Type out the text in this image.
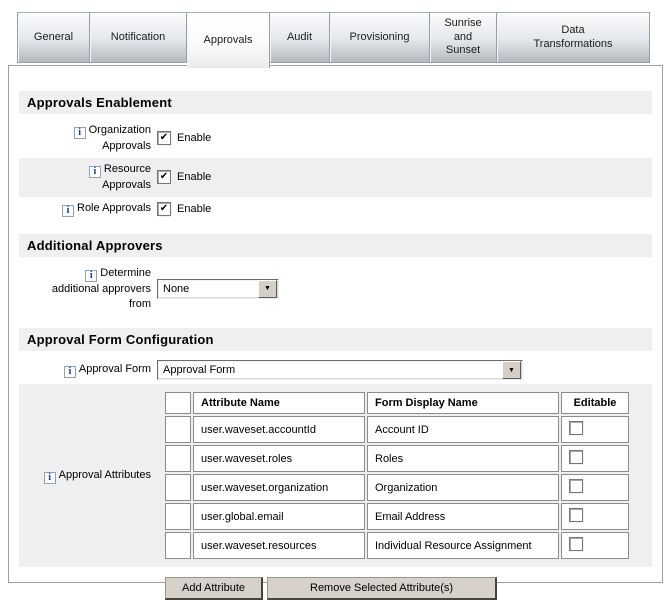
General	Notification	Approvals	Audit	Provisioning
Sunrise and Sunset
Data Transformations
Approvals Enablement
i Organization Approvals
✔ Enable
i Resource Approvals
✔ Enable
i Role Approvals ✔ Enable
Additional Approvers
i Determine additional approvers from
None	▼
Approval Form Configuration
i Approval Form	Approval Form	▼
i Approval Attributes
	Attribute Name	Form Display Name	Editable
	user.waveset.accountId	Account ID	
	user.waveset.roles	Roles	
	user.waveset.organization	Organization	
	user.global.email	Email Address	
	user.waveset.resources	Individual Resource Assignment	
Add Attribute	Remove Selected Attribute(s)
